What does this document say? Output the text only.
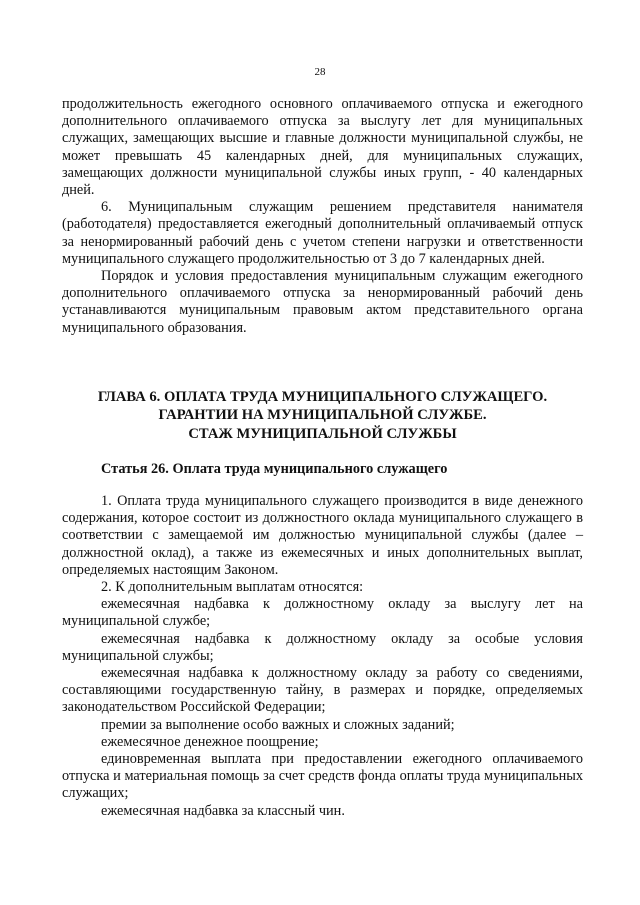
28

продолжительность ежегодного основного оплачиваемого отпуска и ежегодного дополнительного оплачиваемого отпуска за выслугу лет для муниципальных служащих, замещающих высшие и главные должности муниципальной службы, не может превышать 45 календарных дней, для муниципальных служащих, замещающих должности муниципальной службы иных групп, - 40 календарных дней.

6. Муниципальным служащим решением представителя нанимателя (работодателя) предоставляется ежегодный дополнительный оплачиваемый отпуск за ненормированный рабочий день с учетом степени нагрузки и ответственности муниципального служащего продолжительностью от 3 до 7 календарных дней.

Порядок и условия предоставления муниципальным служащим ежегодного дополнительного оплачиваемого отпуска за ненормированный рабочий день устанавливаются муниципальным правовым актом представительного органа муниципального образования.

ГЛАВА 6. ОПЛАТА ТРУДА МУНИЦИПАЛЬНОГО СЛУЖАЩЕГО.
ГАРАНТИИ НА МУНИЦИПАЛЬНОЙ СЛУЖБЕ.
СТАЖ МУНИЦИПАЛЬНОЙ СЛУЖБЫ
Статья 26. Оплата труда муниципального служащего

1. Оплата труда муниципального служащего производится в виде денежного содержания, которое состоит из должностного оклада муниципального служащего в соответствии с замещаемой им должностью муниципальной службы (далее – должностной оклад), а также из ежемесячных и иных дополнительных выплат, определяемых настоящим Законом.

2. К дополнительным выплатам относятся:

ежемесячная надбавка к должностному окладу за выслугу лет на муниципальной службе;

ежемесячная надбавка к должностному окладу за особые условия муниципальной службы;

ежемесячная надбавка к должностному окладу за работу со сведениями, составляющими государственную тайну, в размерах и порядке, определяемых законодательством Российской Федерации;

премии за выполнение особо важных и сложных заданий;

ежемесячное денежное поощрение;

единовременная выплата при предоставлении ежегодного оплачиваемого отпуска и материальная помощь за счет средств фонда оплаты труда муниципальных служащих;

ежемесячная надбавка за классный чин.
